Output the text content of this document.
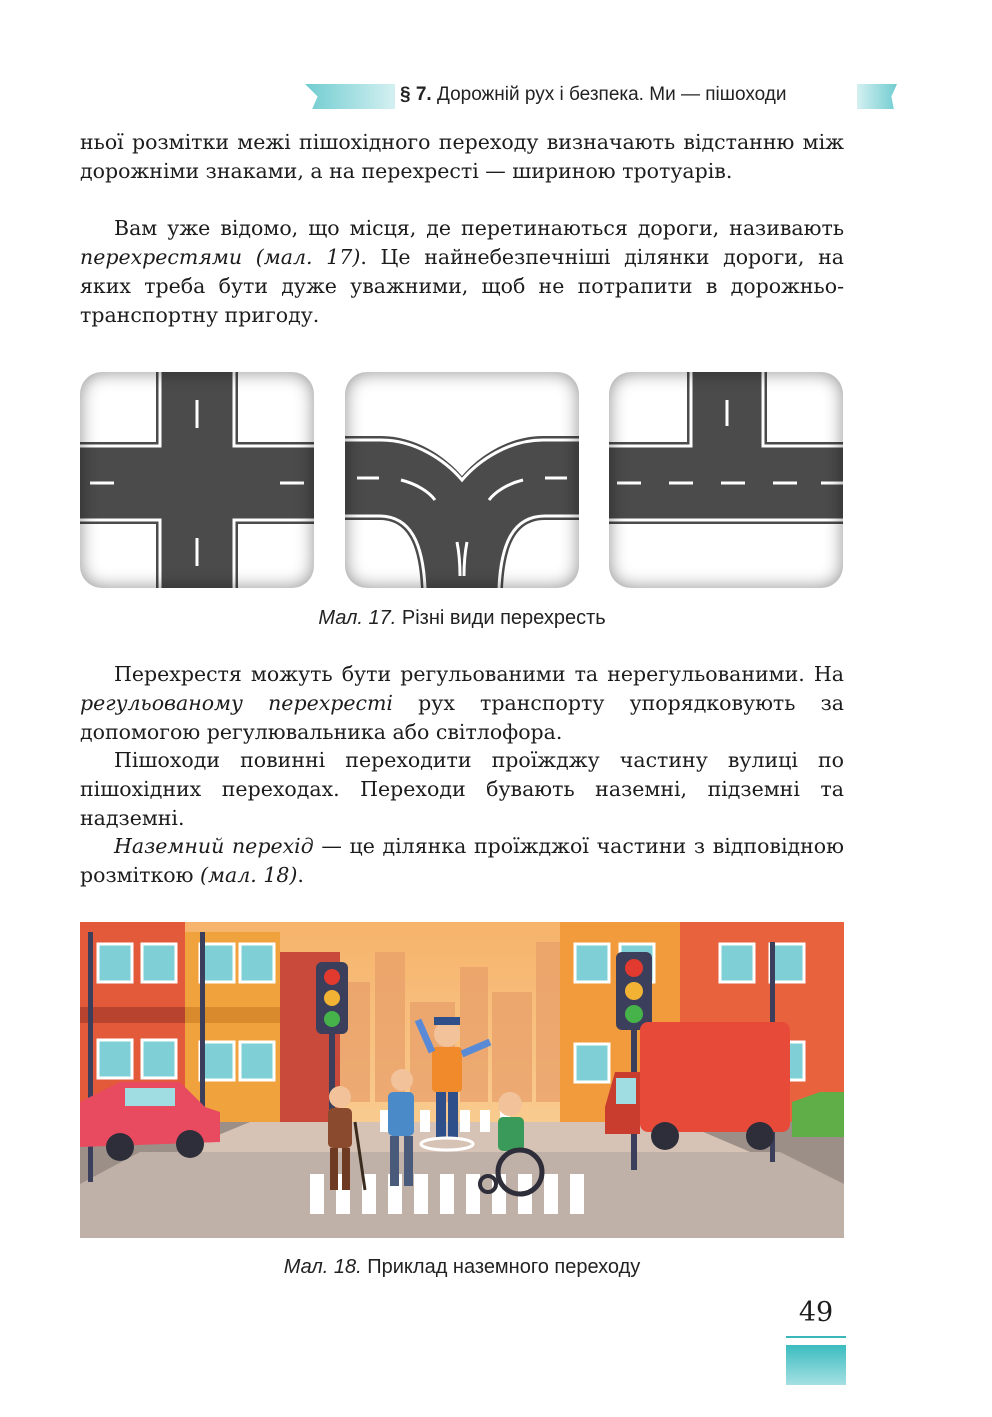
§ 7. Дорожній рух і безпека. Ми — пішоходи

ньої розмітки межі пішохідного переходу визначають відстанню між дорожніми знаками, а на перехресті — шириною тротуарів.

Вам уже відомо, що місця, де перетинаються дороги, називають перехрестями (мал. 17). Це найнебезпечніші ділянки дороги, на яких треба бути дуже уважними, щоб не потрапити в дорожньо-транспортну пригоду.

Мал. 17. Різні види перехресть

Перехрестя можуть бути регульованими та нерегульованими. На регульованому перехресті рух транспорту упорядковують за допомогою регулювальника або світлофора.

Пішоходи повинні переходити проїжджу частину вулиці по пішохідних переходах. Переходи бувають наземні, підземні та надземні.

Наземний перехід — це ділянка проїжджої частини з відповідною розміткою (мал. 18).

Мал. 18. Приклад наземного переходу
49
